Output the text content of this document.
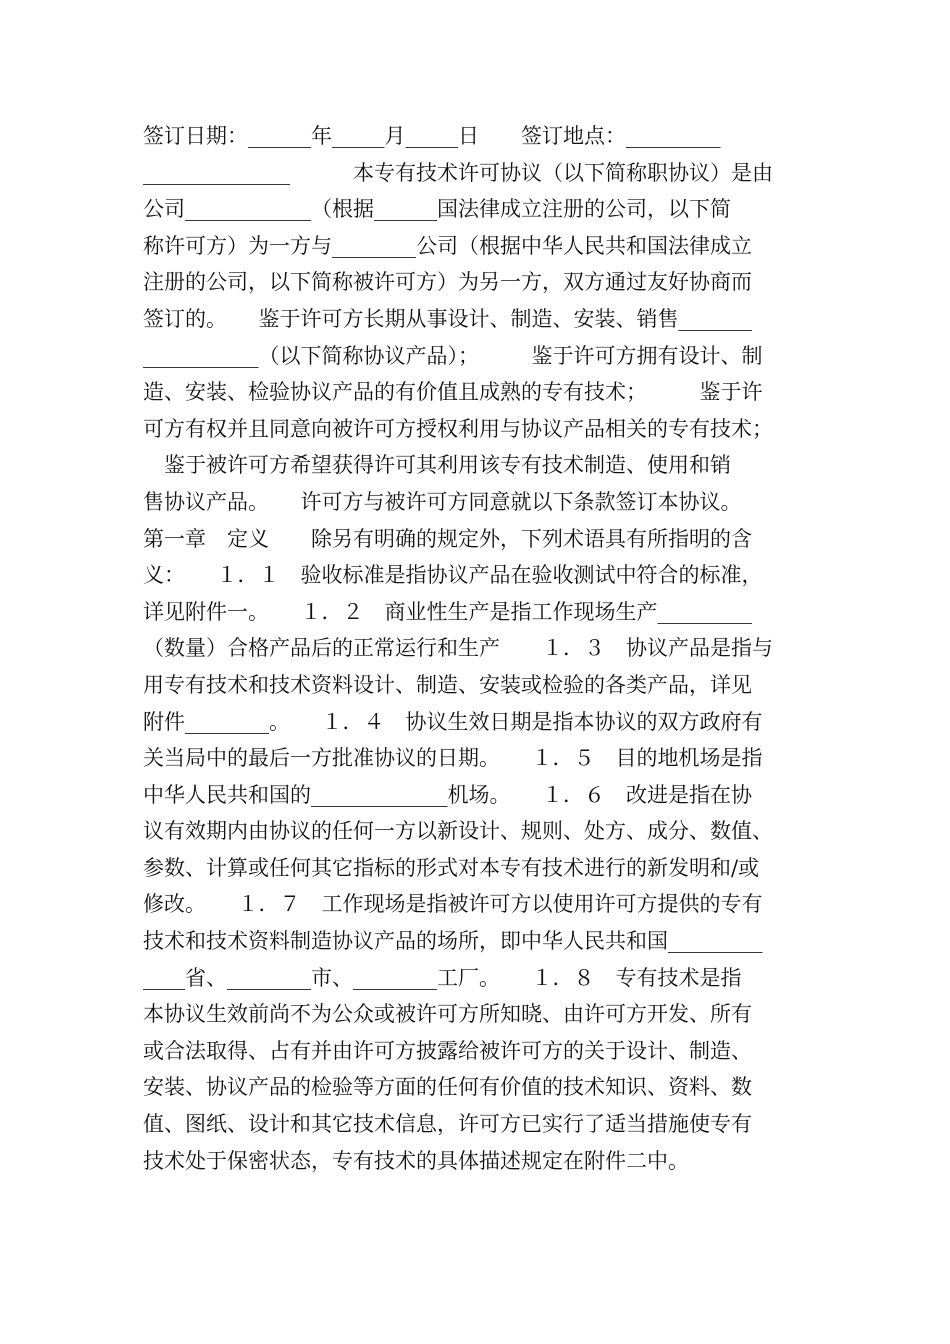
签订日期：______年_____月_____日　　签订地点：_________
______________　　　本专有技术许可协议（以下简称职协议）是由
公司____________（根据______国法律成立注册的公司，以下简
称许可方）为一方与________公司（根据中华人民共和国法律成立
注册的公司，以下简称被许可方）为另一方，双方通过友好协商而
签订的。　　鉴于许可方长期从事设计、制造、安装、销售_______
___________（以下简称协议产品）；　　　鉴于许可方拥有设计、制
造、安装、检验协议产品的有价值且成熟的专有技术；　　　鉴于许
可方有权并且同意向被许可方授权利用与协议产品相关的专有技术；
　鉴于被许可方希望获得许可其利用该专有技术制造、使用和销
售协议产品。　　许可方与被许可方同意就以下条款签订本协议。
第一章　定义　　除另有明确的规定外，下列术语具有所指明的含
义：　　１．１　验收标准是指协议产品在验收测试中符合的标准，
详见附件一。　　１．２　商业性生产是指工作现场生产_________
（数量）合格产品后的正常运行和生产　　１．３　协议产品是指与
用专有技术和技术资料设计、制造、安装或检验的各类产品，详见
附件________。　　１．４　协议生效日期是指本协议的双方政府有
关当局中的最后一方批准协议的日期。　　１．５　目的地机场是指
中华人民共和国的_____________机场。　　１．６　改进是指在协
议有效期内由协议的任何一方以新设计、规则、处方、成分、数值、
参数、计算或任何其它指标的形式对本专有技术进行的新发明和/或
修改。　　１．７　工作现场是指被许可方以使用许可方提供的专有
技术和技术资料制造协议产品的场所，即中华人民共和国_________
____省、________市、________工厂。　　１．８　专有技术是指
本协议生效前尚不为公众或被许可方所知晓、由许可方开发、所有
或合法取得、占有并由许可方披露给被许可方的关于设计、制造、
安装、协议产品的检验等方面的任何有价值的技术知识、资料、数
值、图纸、设计和其它技术信息，许可方已实行了适当措施使专有
技术处于保密状态，专有技术的具体描述规定在附件二中。
